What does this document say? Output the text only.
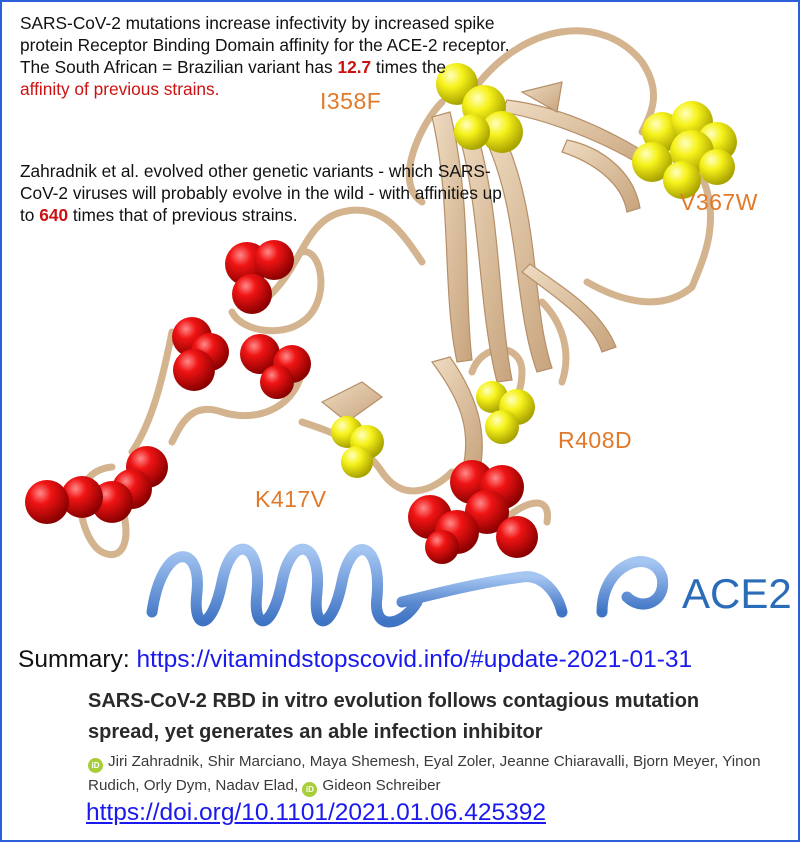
SARS-CoV-2 mutations increase infectivity by increased spike protein Receptor Binding Domain affinity for the ACE-2 receptor. The South African = Brazilian variant has 12.7 times the
affinity of previous strains.
Zahradnik et al. evolved other genetic variants - which SARS-CoV-2 viruses will probably evolve in the wild - with affinities up to 640 times that of previous strains.
I358F
V367W
R408D
K417V
ACE2
Summary: https://vitamindstopscovid.info/#update-2021-01-31
SARS-CoV-2 RBD in vitro evolution follows contagious mutation spread, yet generates an able infection inhibitor
iD Jiri Zahradnik, Shir Marciano, Maya Shemesh, Eyal Zoler, Jeanne Chiaravalli, Bjorn Meyer, Yinon Rudich, Orly Dym, Nadav Elad, iD Gideon Schreiber
https://doi.org/10.1101/2021.01.06.425392
